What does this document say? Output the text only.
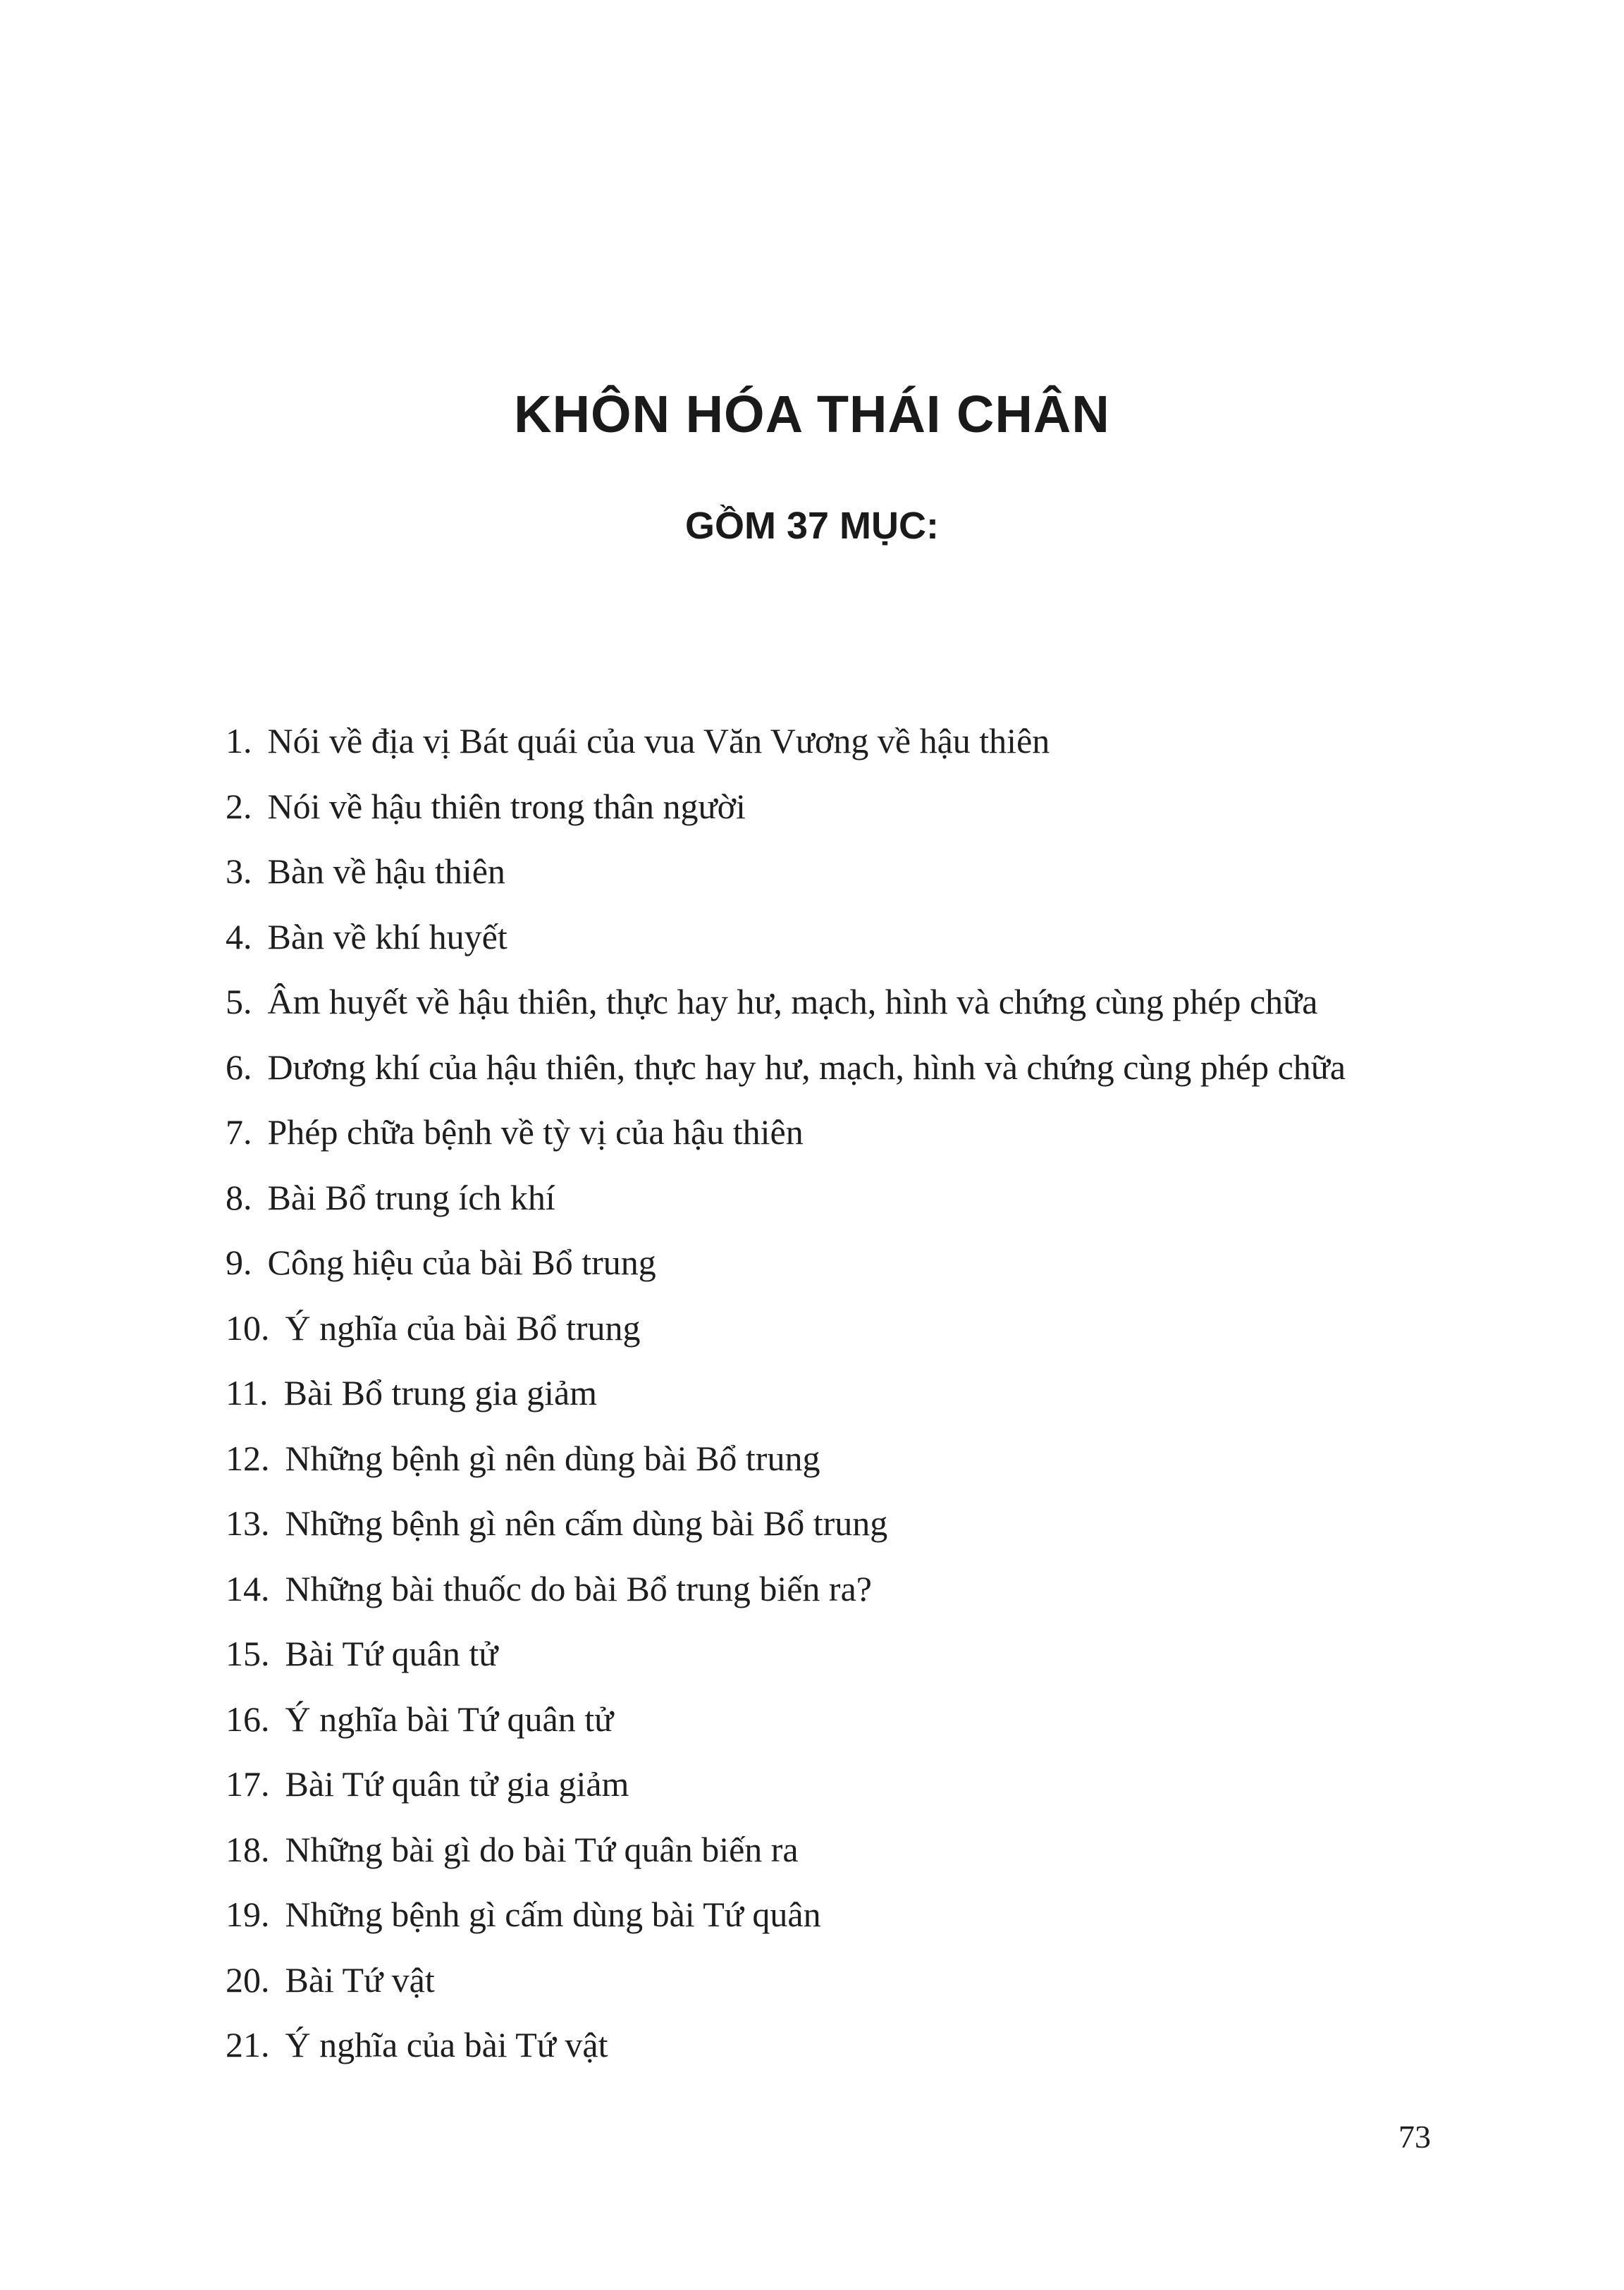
KHÔN HÓA THÁI CHÂN
GỒM 37 MỤC:
1. Nói về địa vị Bát quái của vua Văn Vương về hậu thiên
2. Nói về hậu thiên trong thân người
3. Bàn về hậu thiên
4. Bàn về khí huyết
5. Âm huyết về hậu thiên, thực hay hư, mạch, hình và chứng cùng phép chữa
6. Dương khí của hậu thiên, thực hay hư, mạch, hình và chứng cùng phép chữa
7. Phép chữa bệnh về tỳ vị của hậu thiên
8. Bài Bổ trung ích khí
9. Công hiệu của bài Bổ trung
10. Ý nghĩa của bài Bổ trung
11. Bài Bổ trung gia giảm
12. Những bệnh gì nên dùng bài Bổ trung
13. Những bệnh gì nên cấm dùng bài Bổ trung
14. Những bài thuốc do bài Bổ trung biến ra?
15. Bài Tứ quân tử
16. Ý nghĩa bài Tứ quân tử
17. Bài Tứ quân tử gia giảm
18. Những bài gì do bài Tứ quân biến ra
19. Những bệnh gì cấm dùng bài Tứ quân
20. Bài Tứ vật
21. Ý nghĩa của bài Tứ vật
73
